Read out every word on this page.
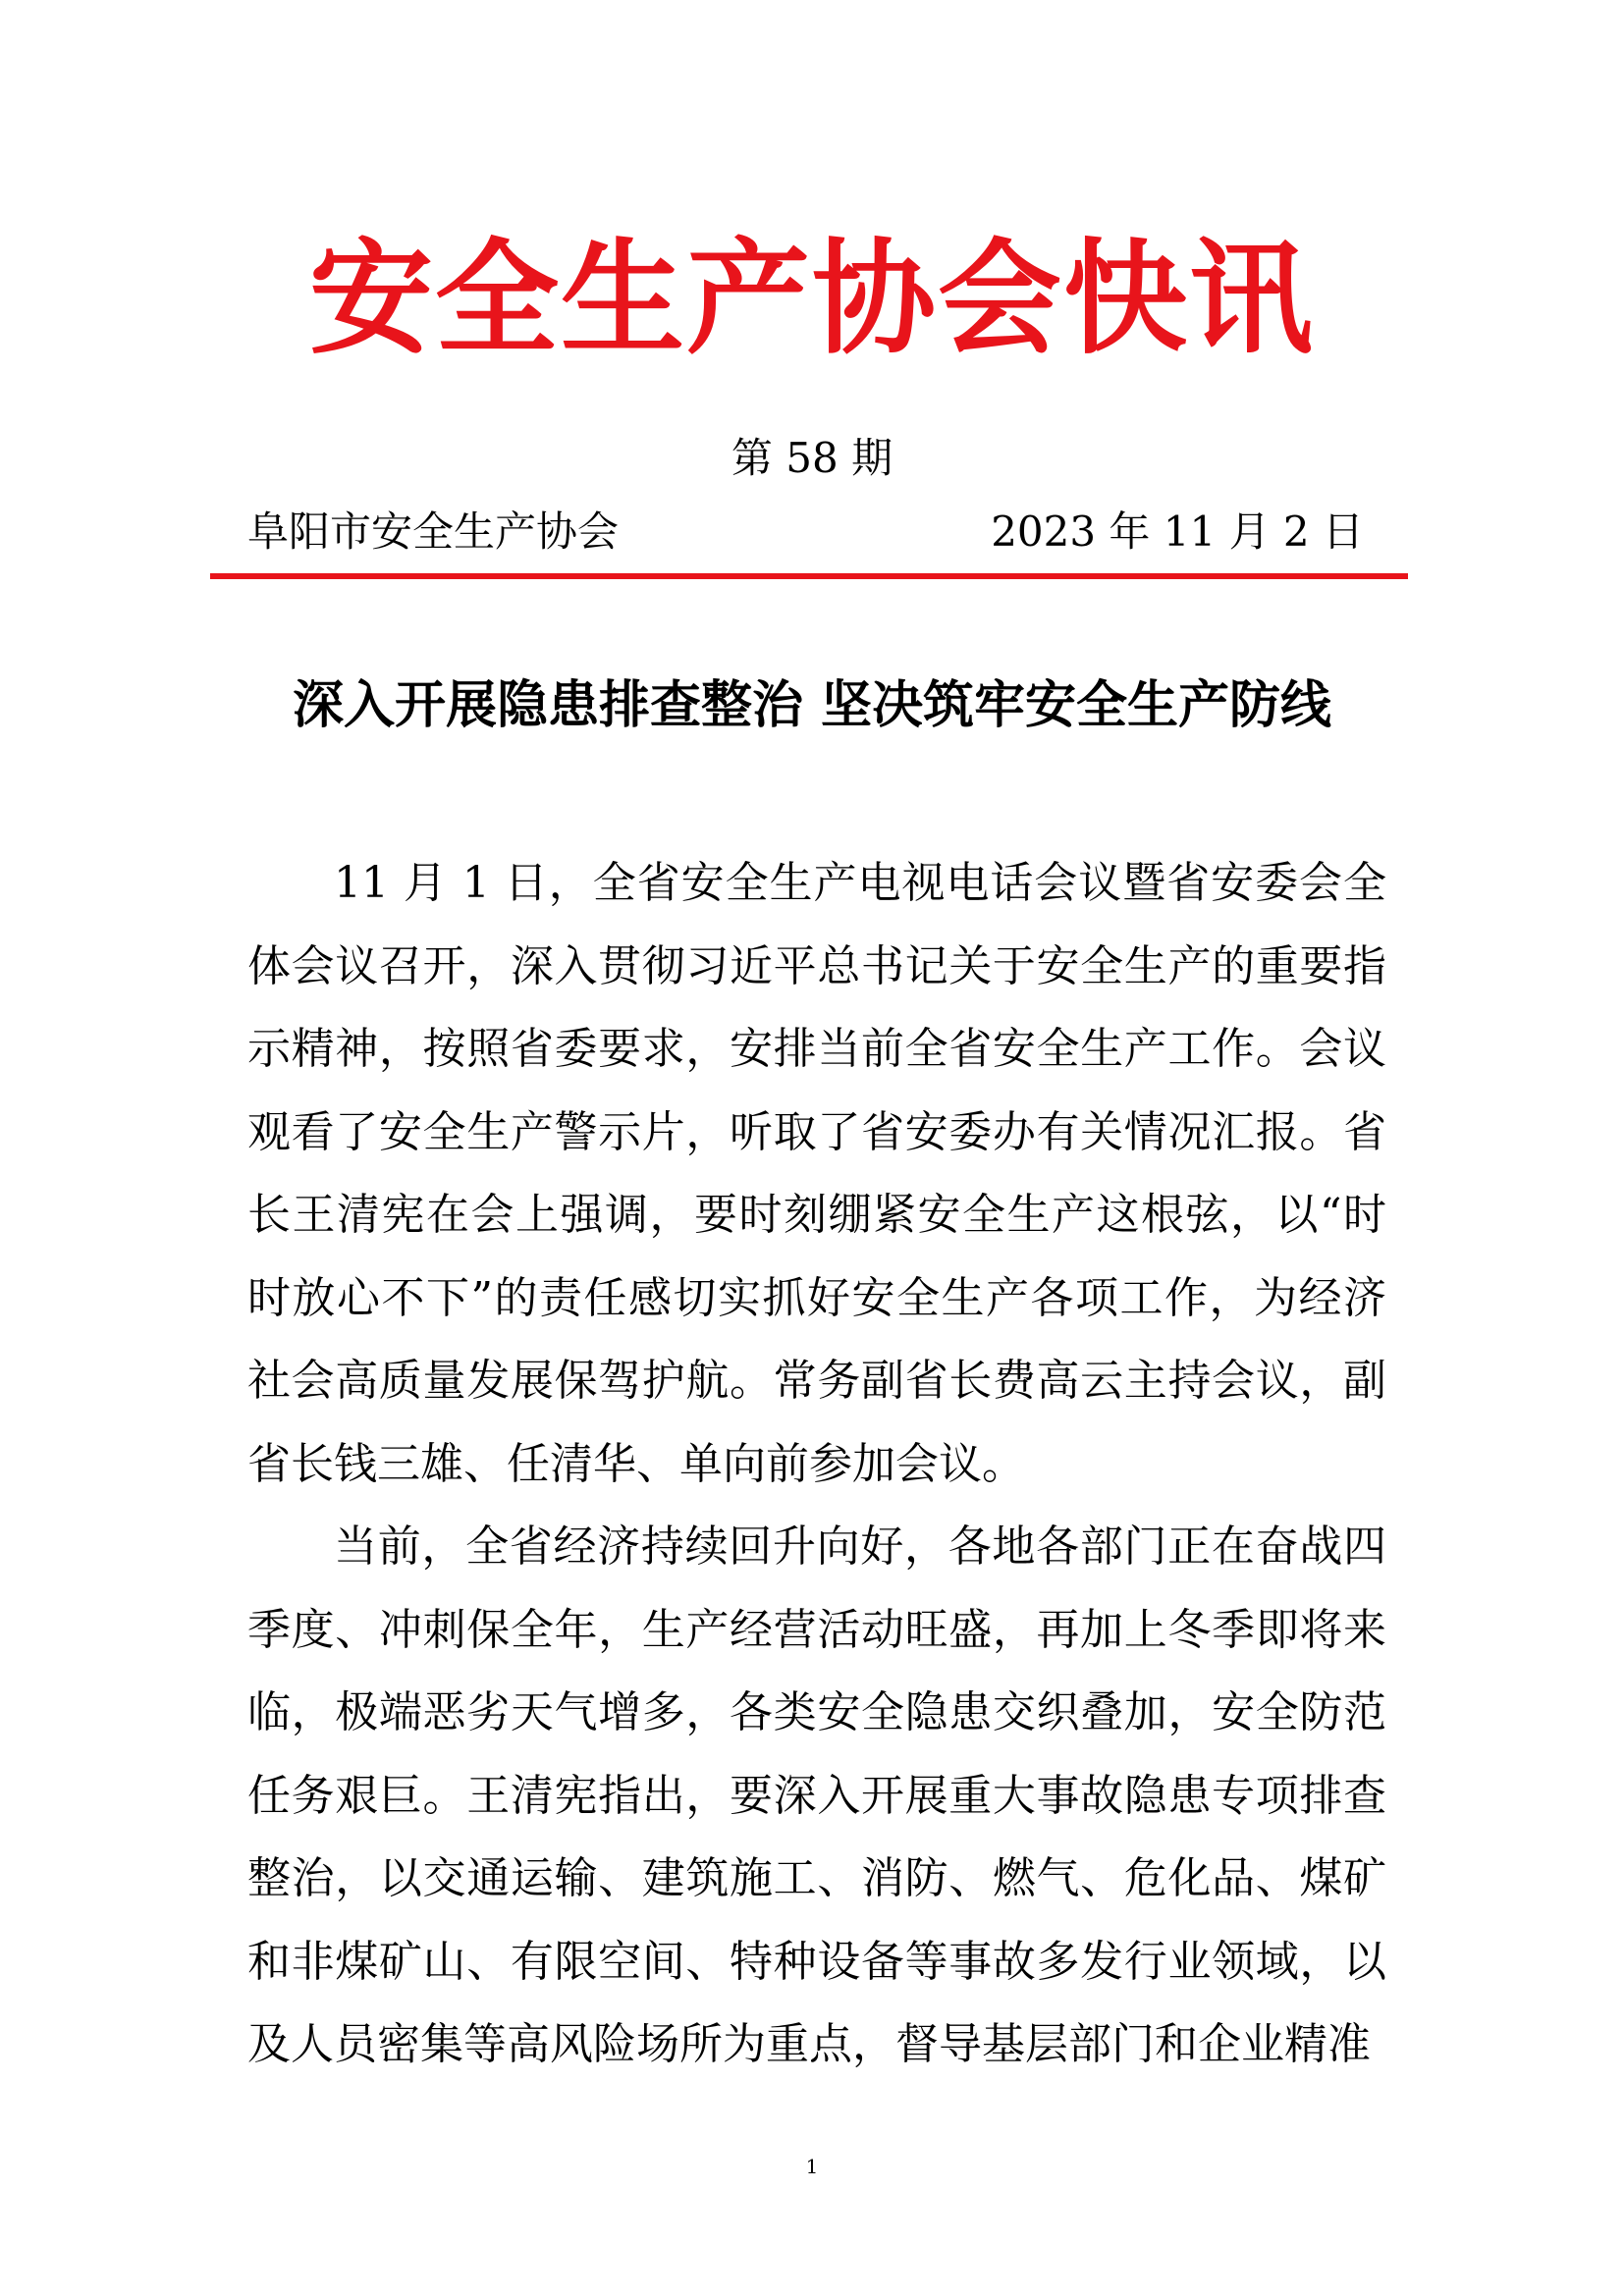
安全生产协会快讯
第 58 期
阜阳市安全生产协会	2023 年 11 月 2 日
深入开展隐患排查整治 坚决筑牢安全生产防线

11 月 1 日，全省安全生产电视电话会议暨省安委会全体会议召开，深入贯彻习近平总书记关于安全生产的重要指示精神，按照省委要求，安排当前全省安全生产工作。会议观看了安全生产警示片，听取了省安委办有关情况汇报。省长王清宪在会上强调，要时刻绷紧安全生产这根弦，以“时时放心不下”的责任感切实抓好安全生产各项工作，为经济社会高质量发展保驾护航。常务副省长费高云主持会议，副省长钱三雄、任清华、单向前参加会议。

当前，全省经济持续回升向好，各地各部门正在奋战四季度、冲刺保全年，生产经营活动旺盛，再加上冬季即将来临，极端恶劣天气增多，各类安全隐患交织叠加，安全防范任务艰巨。王清宪指出，要深入开展重大事故隐患专项排查整治，以交通运输、建筑施工、消防、燃气、危化品、煤矿和非煤矿山、有限空间、特种设备等事故多发行业领域，以及人员密集等高风险场所为重点，督导基层部门和企业精准

1
